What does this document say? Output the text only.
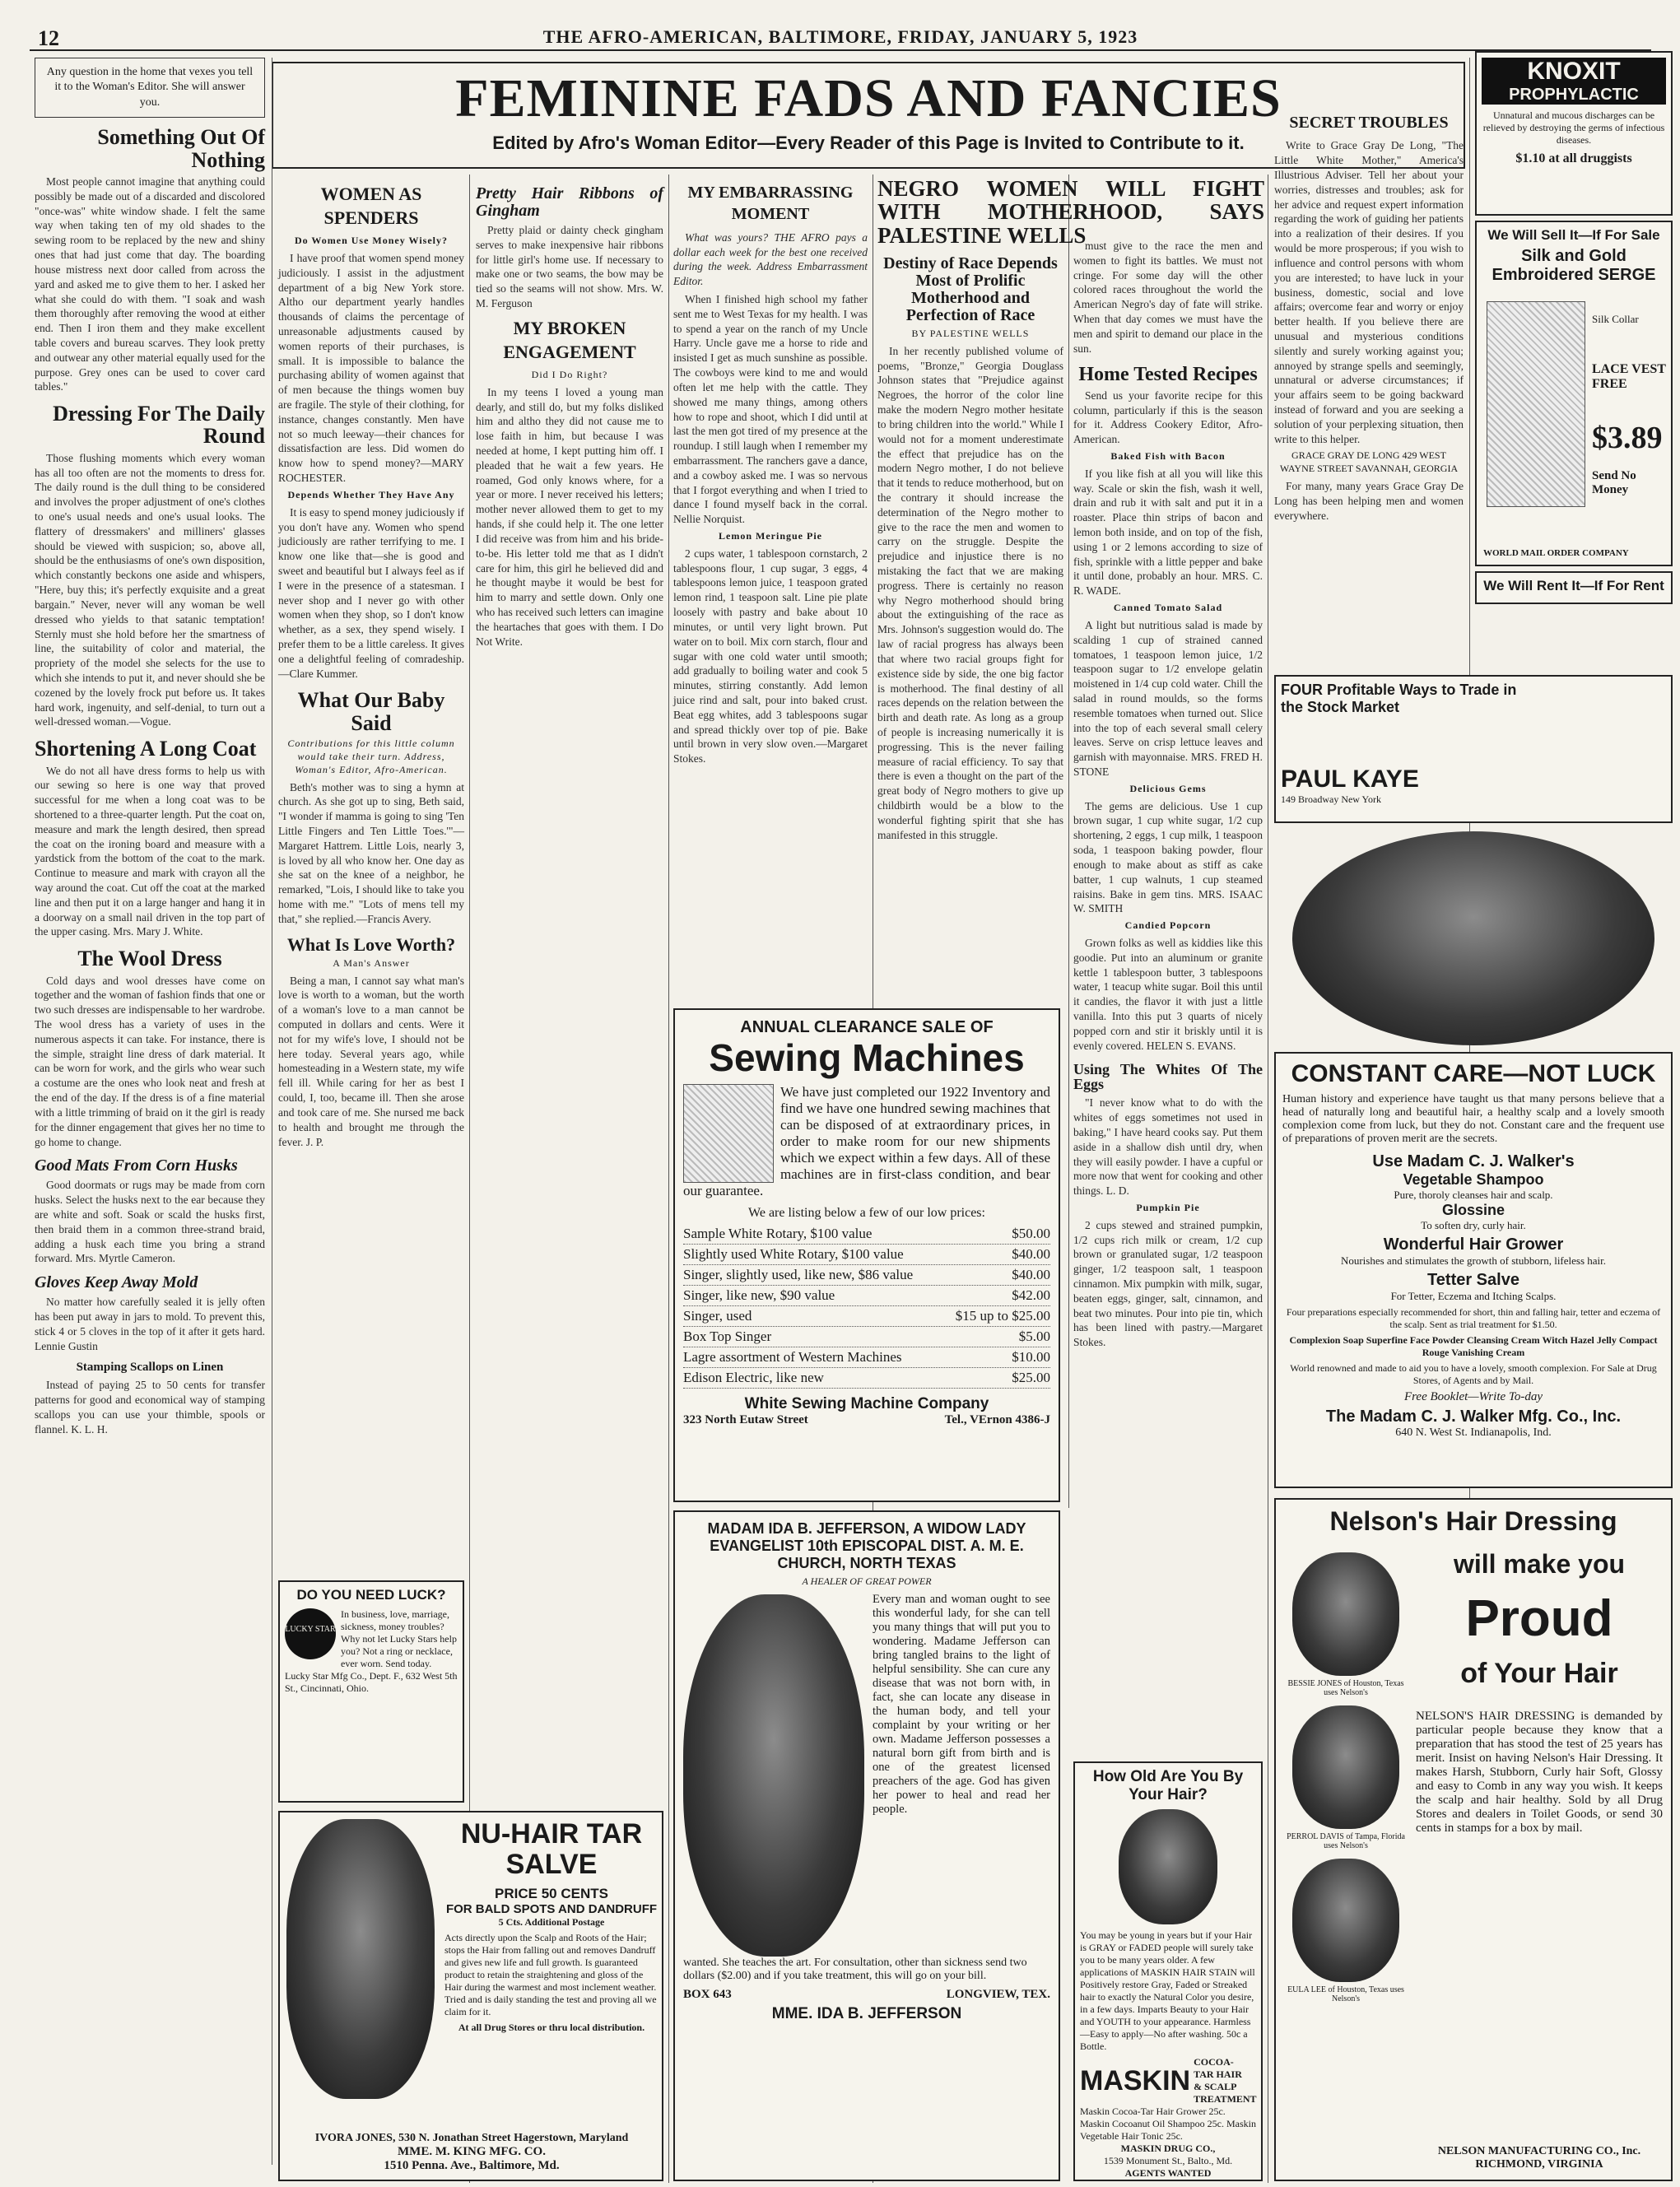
12	THE AFRO-AMERICAN, BALTIMORE, FRIDAY, JANUARY 5, 1923
FEMININE FADS AND FANCIES
Edited by Afro's Woman Editor—Every Reader of this Page is Invited to Contribute to it.
Any question in the home that vexes you tell it to the Woman's Editor. She will answer you.
Something Out Of Nothing

Most people cannot imagine that anything could possibly be made out of a discarded and discolored "once-was" white window shade. I felt the same way when taking ten of my old shades to the sewing room to be replaced by the new and shiny ones that had just come that day. The boarding house mistress next door called from across the yard and asked me to give them to her. I asked her what she could do with them. "I soak and wash them thoroughly after removing the wood at either end. Then I iron them and they make excellent table covers and bureau scarves. They look pretty and outwear any other material equally used for the purpose. Grey ones can be used to cover card tables."

Dressing For The Daily Round

Those flushing moments which every woman has all too often are not the moments to dress for. The daily round is the dull thing to be considered and involves the proper adjustment of one's clothes to one's usual needs and one's usual looks. The flattery of dressmakers' and milliners' glasses should be viewed with suspicion; so, above all, should be the enthusiasms of one's own disposition, which constantly beckons one aside and whispers, "Here, buy this; it's perfectly exquisite and a great bargain." Never, never will any woman be well dressed who yields to that satanic temptation! Sternly must she hold before her the smartness of line, the suitability of color and material, the propriety of the model she selects for the use to which she intends to put it, and never should she be cozened by the lovely frock put before us. It takes hard work, ingenuity, and self-denial, to turn out a well-dressed woman.—Vogue.

Shortening A Long Coat

We do not all have dress forms to help us with our sewing so here is one way that proved successful for me when a long coat was to be shortened to a three-quarter length. Put the coat on, measure and mark the length desired, then spread the coat on the ironing board and measure with a yardstick from the bottom of the coat to the mark. Continue to measure and mark with crayon all the way around the coat. Cut off the coat at the marked line and then put it on a large hanger and hang it in a doorway on a small nail driven in the top part of the upper casing. Mrs. Mary J. White.

The Wool Dress

Cold days and wool dresses have come on together and the woman of fashion finds that one or two such dresses are indispensable to her wardrobe. The wool dress has a variety of uses in the numerous aspects it can take. For instance, there is the simple, straight line dress of dark material. It can be worn for work, and the girls who wear such a costume are the ones who look neat and fresh at the end of the day. If the dress is of a fine material with a little trimming of braid on it the girl is ready for the dinner engagement that gives her no time to go home to change.

Good Mats From Corn Husks

Good doormats or rugs may be made from corn husks. Select the husks next to the ear because they are white and soft. Soak or scald the husks first, then braid them in a common three-strand braid, adding a husk each time you bring a strand forward. Mrs. Myrtle Cameron.

Gloves Keep Away Mold

No matter how carefully sealed it is jelly often has been put away in jars to mold. To prevent this, stick 4 or 5 cloves in the top of it after it gets hard. Lennie Gustin

Stamping Scallops on Linen

Instead of paying 25 to 50 cents for transfer patterns for good and economical way of stamping scallops you can use your thimble, spools or flannel. K. L. H.

WOMEN AS SPENDERS
Do Women Use Money Wisely?

I have proof that women spend money judiciously. I assist in the adjustment department of a big New York store. Altho our department yearly handles thousands of claims the percentage of unreasonable adjustments caused by women reports of their purchases, is small. It is impossible to balance the purchasing ability of women against that of men because the things women buy are fragile. The style of their clothing, for instance, changes constantly. Men have not so much leeway—their chances for dissatisfaction are less. Did women do know how to spend money?—MARY ROCHESTER.

Depends Whether They Have Any

It is easy to spend money judiciously if you don't have any. Women who spend judiciously are rather terrifying to me. I know one like that—she is good and sweet and beautiful but I always feel as if I were in the presence of a statesman. I never shop and I never go with other women when they shop, so I don't know whether, as a sex, they spend wisely. I prefer them to be a little careless. It gives one a delightful feeling of comradeship.—Clare Kummer.

What Our Baby Said
Contributions for this little column would take their turn. Address, Woman's Editor, Afro-American.

Beth's mother was to sing a hymn at church. As she got up to sing, Beth said, "I wonder if mamma is going to sing 'Ten Little Fingers and Ten Little Toes.'"—Margaret Hattrem. Little Lois, nearly 3, is loved by all who know her. One day as she sat on the knee of a neighbor, he remarked, "Lois, I should like to take you home with me." "Lots of mens tell my that," she replied.—Francis Avery.

What Is Love Worth?
A Man's Answer

Being a man, I cannot say what man's love is worth to a woman, but the worth of a woman's love to a man cannot be computed in dollars and cents. Were it not for my wife's love, I should not be here today. Several years ago, while homesteading in a Western state, my wife fell ill. While caring for her as best I could, I, too, became ill. Then she arose and took care of me. She nursed me back to health and brought me through the fever. J. P.

Pretty Hair Ribbons of Gingham

Pretty plaid or dainty check gingham serves to make inexpensive hair ribbons for little girl's home use. If necessary to make one or two seams, the bow may be tied so the seams will not show. Mrs. W. M. Ferguson

MY BROKEN ENGAGEMENT
Did I Do Right?

In my teens I loved a young man dearly, and still do, but my folks disliked him and altho they did not cause me to lose faith in him, but because I was needed at home, I kept putting him off. I pleaded that he wait a few years. He roamed, God only knows where, for a year or more. I never received his letters; mother never allowed them to get to my hands, if she could help it. The one letter I did receive was from him and his bride-to-be. His letter told me that as I didn't care for him, this girl he believed did and he thought maybe it would be best for him to marry and settle down. Only one who has received such letters can imagine the heartaches that goes with them. I Do Not Write.

MY EMBARRASSING MOMENT

What was yours? THE AFRO pays a dollar each week for the best one received during the week. Address Embarrassment Editor.

When I finished high school my father sent me to West Texas for my health. I was to spend a year on the ranch of my Uncle Harry. Uncle gave me a horse to ride and insisted I get as much sunshine as possible. The cowboys were kind to me and would often let me help with the cattle. They showed me many things, among others how to rope and shoot, which I did until at last the men got tired of my presence at the roundup. I still laugh when I remember my embarrassment. The ranchers gave a dance, and a cowboy asked me. I was so nervous that I forgot everything and when I tried to dance I found myself back in the corral. Nellie Norquist.

Lemon Meringue Pie

2 cups water, 1 tablespoon cornstarch, 2 tablespoons flour, 1 cup sugar, 3 eggs, 4 tablespoons lemon juice, 1 teaspoon grated lemon rind, 1 teaspoon salt. Line pie plate loosely with pastry and bake about 10 minutes, or until very light brown. Put water on to boil. Mix corn starch, flour and sugar with one cold water until smooth; add gradually to boiling water and cook 5 minutes, stirring constantly. Add lemon juice rind and salt, pour into baked crust. Beat egg whites, add 3 tablespoons sugar and spread thickly over top of pie. Bake until brown in very slow oven.—Margaret Stokes.

NEGRO WOMEN WILL FIGHT WITH MOTHERHOOD, SAYS PALESTINE WELLS
Destiny of Race Depends Most of Prolific Motherhood and Perfection of Race
BY PALESTINE WELLS

In her recently published volume of poems, "Bronze," Georgia Douglass Johnson states that "Prejudice against Negroes, the horror of the color line make the modern Negro mother hesitate to bring children into the world." While I would not for a moment underestimate the effect that prejudice has on the modern Negro mother, I do not believe that it tends to reduce motherhood, but on the contrary it should increase the determination of the Negro mother to give to the race the men and women to carry on the struggle. Despite the prejudice and injustice there is no mistaking the fact that we are making progress. There is certainly no reason why Negro motherhood should bring about the extinguishing of the race as Mrs. Johnson's suggestion would do. The law of racial progress has always been that where two racial groups fight for existence side by side, the one big factor is motherhood. The final destiny of all races depends on the relation between the birth and death rate. As long as a group of people is increasing numerically it is progressing. This is the never failing measure of racial efficiency. To say that there is even a thought on the part of the great body of Negro mothers to give up childbirth would be a blow to the wonderful fighting spirit that she has manifested in this struggle.

must give to the race the men and women to fight its battles. We must not cringe. For some day will the other colored races throughout the world the American Negro's day of fate will strike. When that day comes we must have the men and spirit to demand our place in the sun.

Home Tested Recipes

Send us your favorite recipe for this column, particularly if this is the season for it. Address Cookery Editor, Afro-American.

Baked Fish with Bacon

If you like fish at all you will like this way. Scale or skin the fish, wash it well, drain and rub it with salt and put it in a roaster. Place thin strips of bacon and lemon both inside, and on top of the fish, using 1 or 2 lemons according to size of fish, sprinkle with a little pepper and bake it until done, probably an hour. MRS. C. R. WADE.

Canned Tomato Salad

A light but nutritious salad is made by scalding 1 cup of strained canned tomatoes, 1 teaspoon lemon juice, 1/2 teaspoon sugar to 1/2 envelope gelatin moistened in 1/4 cup cold water. Chill the salad in round moulds, so the forms resemble tomatoes when turned out. Slice into the top of each several small celery leaves. Serve on crisp lettuce leaves and garnish with mayonnaise. MRS. FRED H. STONE

Delicious Gems

The gems are delicious. Use 1 cup brown sugar, 1 cup white sugar, 1/2 cup shortening, 2 eggs, 1 cup milk, 1 teaspoon soda, 1 teaspoon baking powder, flour enough to make about as stiff as cake batter, 1 cup walnuts, 1 cup steamed raisins. Bake in gem tins. MRS. ISAAC W. SMITH

Candied Popcorn

Grown folks as well as kiddies like this goodie. Put into an aluminum or granite kettle 1 tablespoon butter, 3 tablespoons water, 1 teacup white sugar. Boil this until it candies, the flavor it with just a little vanilla. Into this put 3 quarts of nicely popped corn and stir it briskly until it is evenly covered. HELEN S. EVANS.

Using The Whites Of The Eggs

"I never know what to do with the whites of eggs sometimes not used in baking," I have heard cooks say. Put them aside in a shallow dish until dry, when they will easily powder. I have a cupful or more now that went for cooking and other things. L. D.

Pumpkin Pie

2 cups stewed and strained pumpkin, 1/2 cups rich milk or cream, 1/2 cup brown or granulated sugar, 1/2 teaspoon ginger, 1/2 teaspoon salt, 1 teaspoon cinnamon. Mix pumpkin with milk, sugar, beaten eggs, ginger, salt, cinnamon, and beat two minutes. Pour into pie tin, which has been lined with pastry.—Margaret Stokes.

SECRET TROUBLES

Write to Grace Gray De Long, "The Little White Mother," America's Illustrious Adviser. Tell her about your worries, distresses and troubles; ask for her advice and request expert information regarding the work of guiding her patients into a realization of their desires. If you would be more prosperous; if you wish to influence and control persons with whom you are interested; to have luck in your business, domestic, social and love affairs; overcome fear and worry or enjoy better health. If you believe there are unusual and mysterious conditions silently and surely working against you; annoyed by strange spells and seemingly, unnatural or adverse circumstances; if your affairs seem to be going backward instead of forward and you are seeking a solution of your perplexing situation, then write to this helper.

GRACE GRAY DE LONG 429 WEST WAYNE STREET SAVANNAH, GEORGIA

For many, many years Grace Gray De Long has been helping men and women everywhere.

KNOXIT
PROPHYLACTIC

Unnatural and mucous discharges can be relieved by destroying the germs of infectious diseases.

$1.10 at all druggists

We Will Sell It—If For Sale
Silk and Gold Embroidered SERGE
Silk Collar
LACE VEST FREE
$3.89
Send No Money
WORLD MAIL ORDER COMPANY
We Will Rent It—If For Rent
FOUR Profitable Ways to Trade in the Stock Market
PAUL KAYE
149 Broadway New York
CONSTANT CARE—NOT LUCK

Human history and experience have taught us that many persons believe that a head of naturally long and beautiful hair, a healthy scalp and a lovely smooth complexion come from luck, but they do not. Constant care and the frequent use of preparations of proven merit are the secrets.

Use Madam C. J. Walker's
Vegetable Shampoo
Pure, thoroly cleanses hair and scalp.
Glossine
To soften dry, curly hair.
Wonderful Hair Grower
Nourishes and stimulates the growth of stubborn, lifeless hair.
Tetter Salve
For Tetter, Eczema and Itching Scalps.

Four preparations especially recommended for short, thin and falling hair, tetter and eczema of the scalp. Sent as trial treatment for $1.50.

Complexion Soap Superfine Face Powder Cleansing Cream Witch Hazel Jelly Compact Rouge Vanishing Cream

World renowned and made to aid you to have a lovely, smooth complexion. For Sale at Drug Stores, of Agents and by Mail.

Free Booklet—Write To-day
The Madam C. J. Walker Mfg. Co., Inc.
640 N. West St. Indianapolis, Ind.
ANNUAL CLEARANCE SALE OF
Sewing Machines

We have just completed our 1922 Inventory and find we have one hundred sewing machines that can be disposed of at extraordinary prices, in order to make room for our new shipments which we expect within a few days. All of these machines are in first-class condition, and bear our guarantee.

We are listing below a few of our low prices:

Sample White Rotary, $100 value	$50.00
Slightly used White Rotary, $100 value	$40.00
Singer, slightly used, like new, $86 value	$40.00
Singer, like new, $90 value	$42.00
Singer, used	$15 up to $25.00
Box Top Singer	$5.00
Lagre assortment of Western Machines	$10.00
Edison Electric, like new	$25.00
White Sewing Machine Company
323 North Eutaw Street	Tel., VErnon 4386-J
DO YOU NEED LUCK?
LUCKY STAR

In business, love, marriage, sickness, money troubles? Why not let Lucky Stars help you? Not a ring or necklace, ever worn. Send today. Lucky Star Mfg Co., Dept. F., 632 West 5th St., Cincinnati, Ohio.

NU-HAIR TAR SALVE
PRICE 50 CENTS
FOR BALD SPOTS AND DANDRUFF
5 Cts. Additional Postage

Acts directly upon the Scalp and Roots of the Hair; stops the Hair from falling out and removes Dandruff and gives new life and full growth. Is guaranteed product to retain the straightening and gloss of the Hair during the warmest and most inclement weather. Tried and is daily standing the test and proving all we claim for it.

At all Drug Stores or thru local distribution.

IVORA JONES, 530 N. Jonathan Street Hagerstown, Maryland
MME. M. KING MFG. CO.
1510 Penna. Ave., Baltimore, Md.
MADAM IDA B. JEFFERSON, A WIDOW LADY EVANGELIST 10th EPISCOPAL DIST. A. M. E. CHURCH, NORTH TEXAS
A HEALER OF GREAT POWER

Every man and woman ought to see this wonderful lady, for she can tell you many things that will put you to wondering. Madame Jefferson can bring tangled brains to the light of helpful sensibility. She can cure any disease that was not born with, in fact, she can locate any disease in the human body, and tell your complaint by your writing or her own. Madame Jefferson possesses a natural born gift from birth and is one of the greatest licensed preachers of the age. God has given her power to heal and read her people.

wanted. She teaches the art. For consultation, other than sickness send two dollars ($2.00) and if you take treatment, this will go on your bill.

BOX 643	LONGVIEW, TEX.
MME. IDA B. JEFFERSON
How Old Are You By Your Hair?

You may be young in years but if your Hair is GRAY or FADED people will surely take you to be many years older. A few applications of MASKIN HAIR STAIN will Positively restore Gray, Faded or Streaked hair to exactly the Natural Color you desire, in a few days. Imparts Beauty to your Hair and YOUTH to your appearance. Harmless—Easy to apply—No after washing. 50c a Bottle.

MASKIN
COCOA-TAR HAIR & SCALP TREATMENT

Maskin Cocoa-Tar Hair Grower 25c. Maskin Cocoanut Oil Shampoo 25c. Maskin Vegetable Hair Tonic 25c.

MASKIN DRUG CO.,
1539 Monument St., Balto., Md.
AGENTS WANTED
Nelson's Hair Dressing
BESSIE JONES of Houston, Texas uses Nelson's
PERROL DAVIS of Tampa, Florida uses Nelson's
EULA LEE of Houston, Texas uses Nelson's
will make you
Proud
of Your Hair

NELSON'S HAIR DRESSING is demanded by particular people because they know that a preparation that has stood the test of 25 years has merit. Insist on having Nelson's Hair Dressing. It makes Harsh, Stubborn, Curly hair Soft, Glossy and easy to Comb in any way you wish. It keeps the scalp and hair healthy. Sold by all Drug Stores and dealers in Toilet Goods, or send 30 cents in stamps for a box by mail.

NELSON MANUFACTURING CO., Inc.
RICHMOND, VIRGINIA
